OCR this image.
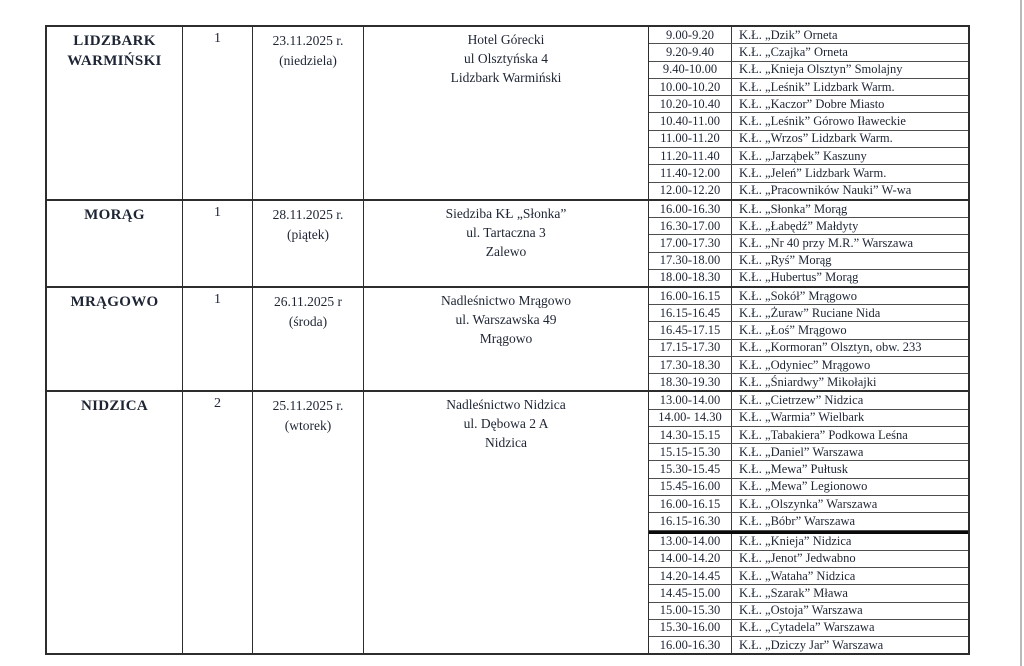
LIDZBARK WARMIŃSKI
1	23.11.2025 r.
(niedziela)
Hotel Górecki
ul Olsztyńska 4
Lidzbark Warmiński
9.00-9.20	K.Ł. „Dzik” Orneta
9.20-9.40	K.Ł. „Czajka” Orneta
9.40-10.00	K.Ł. „Knieja Olsztyn” Smolajny
10.00-10.20	K.Ł. „Leśnik” Lidzbark Warm.
10.20-10.40	K.Ł. „Kaczor” Dobre Miasto
10.40-11.00	K.Ł. „Leśnik” Górowo Iławeckie
11.00-11.20	K.Ł. „Wrzos” Lidzbark Warm.
11.20-11.40	K.Ł. „Jarząbek” Kaszuny
11.40-12.00	K.Ł. „Jeleń” Lidzbark Warm.
12.00-12.20	K.Ł. „Pracowników Nauki” W-wa
MORĄG	1	28.11.2025 r.
(piątek)
Siedziba KŁ „Słonka”
ul. Tartaczna 3
Zalewo
16.00-16.30	K.Ł. „Słonka” Morąg
16.30-17.00	K.Ł. „Łabędź” Małdyty
17.00-17.30	K.Ł. „Nr 40 przy M.R.” Warszawa
17.30-18.00	K.Ł. „Ryś” Morąg
18.00-18.30	K.Ł. „Hubertus” Morąg
MRĄGOWO	1	26.11.2025 r
(środa)
Nadleśnictwo Mrągowo
ul. Warszawska 49
Mrągowo
16.00-16.15	K.Ł. „Sokół” Mrągowo
16.15-16.45	K.Ł. „Żuraw” Ruciane Nida
16.45-17.15	K.Ł. „Łoś” Mrągowo
17.15-17.30	K.Ł. „Kormoran” Olsztyn, obw. 233
17.30-18.30	K.Ł. „Odyniec” Mrągowo
18.30-19.30	K.Ł. „Śniardwy” Mikołajki
NIDZICA	2	25.11.2025 r.
(wtorek)
Nadleśnictwo Nidzica
ul. Dębowa 2 A
Nidzica
13.00-14.00	K.Ł. „Cietrzew” Nidzica
14.00- 14.30	K.Ł. „Warmia” Wielbark
14.30-15.15	K.Ł. „Tabakiera” Podkowa Leśna
15.15-15.30	K.Ł. „Daniel” Warszawa
15.30-15.45	K.Ł. „Mewa” Pułtusk
15.45-16.00	K.Ł. „Mewa” Legionowo
16.00-16.15	K.Ł. „Olszynka” Warszawa
16.15-16.30	K.Ł. „Bóbr” Warszawa
13.00-14.00	K.Ł. „Knieja” Nidzica
14.00-14.20	K.Ł. „Jenot” Jedwabno
14.20-14.45	K.Ł. „Wataha” Nidzica
14.45-15.00	K.Ł. „Szarak” Mława
15.00-15.30	K.Ł. „Ostoja” Warszawa
15.30-16.00	K.Ł. „Cytadela” Warszawa
16.00-16.30	K.Ł. „Dziczy Jar” Warszawa
